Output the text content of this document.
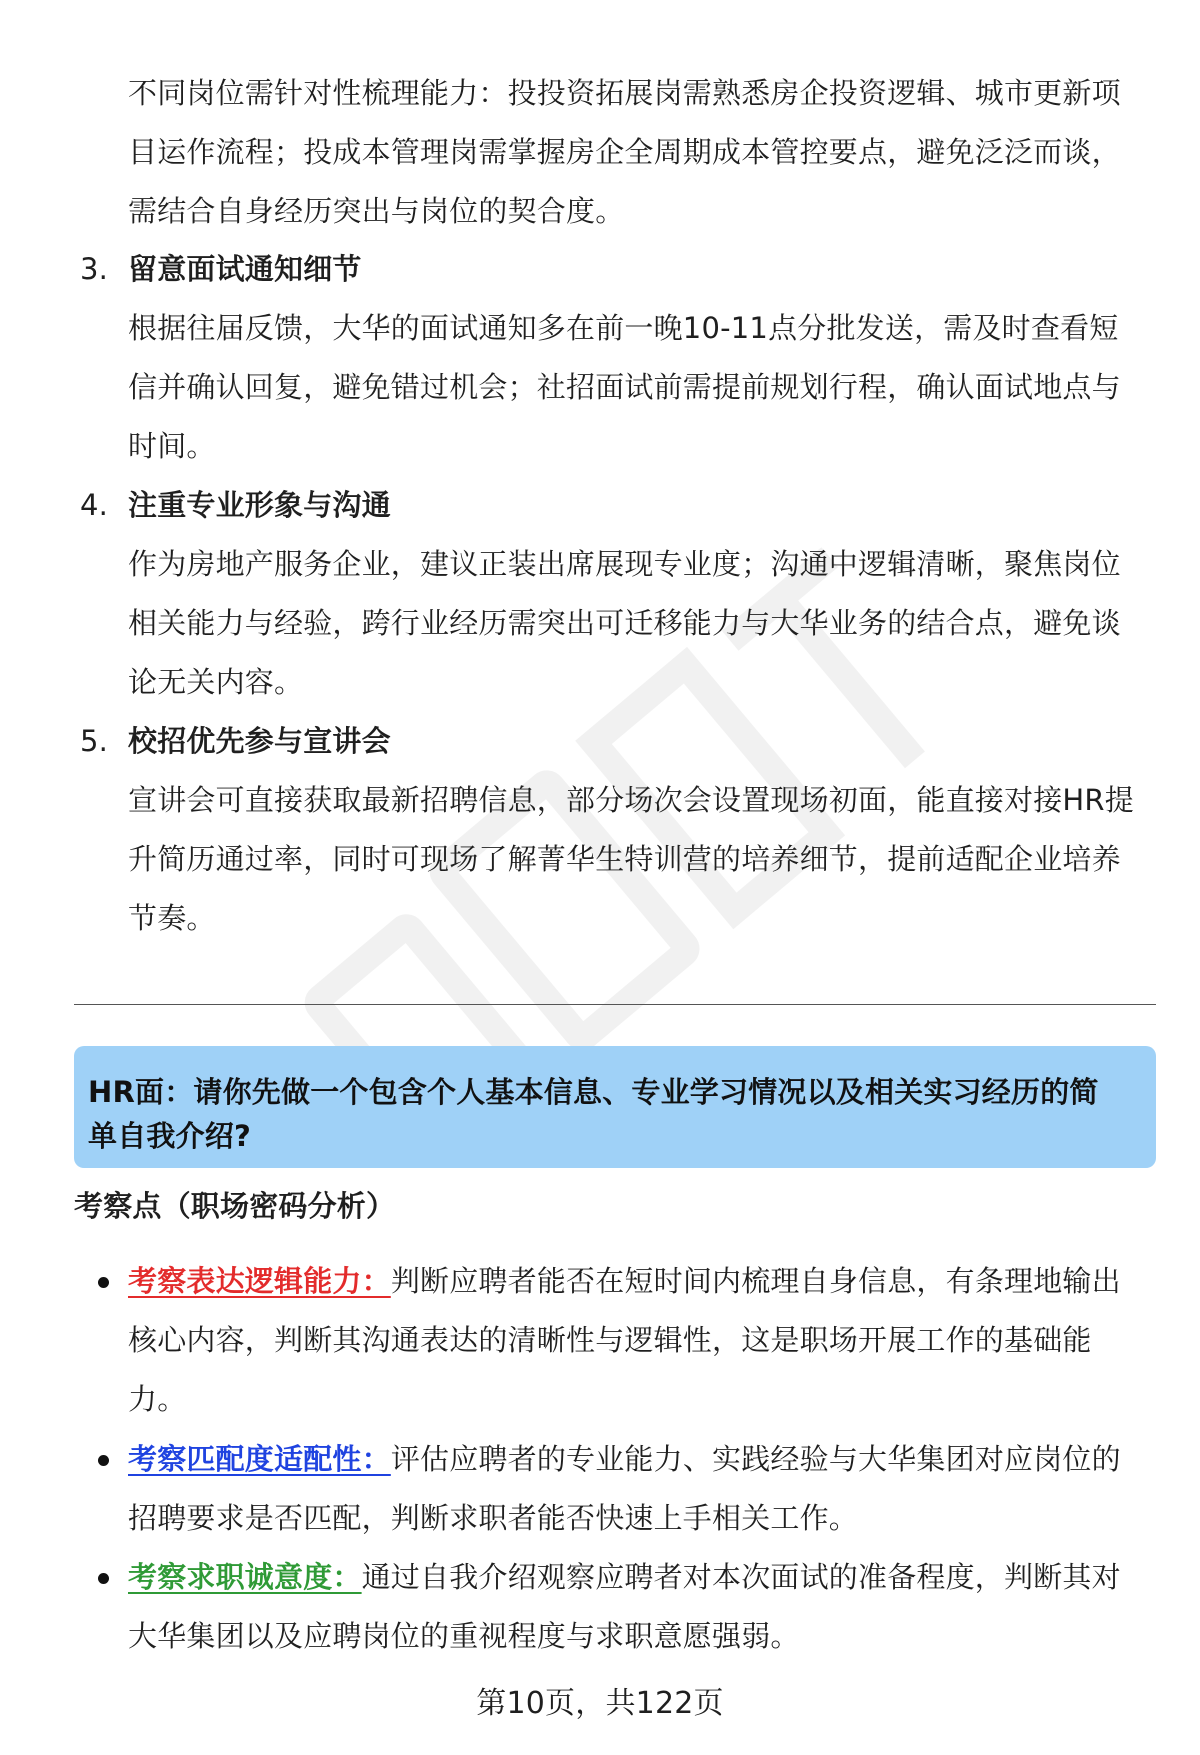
不同岗位需针对性梳理能力：投投资拓展岗需熟悉房企投资逻辑、城市更新项目运作流程；投成本管理岗需掌握房企全周期成本管控要点，避免泛泛而谈，需结合自身经历突出与岗位的契合度。

3. 留意面试通知细节

根据往届反馈，大华的面试通知多在前一晚10-11点分批发送，需及时查看短信并确认回复，避免错过机会；社招面试前需提前规划行程，确认面试地点与时间。

4. 注重专业形象与沟通

作为房地产服务企业，建议正装出席展现专业度；沟通中逻辑清晰，聚焦岗位相关能力与经验，跨行业经历需突出可迁移能力与大华业务的结合点，避免谈论无关内容。

5. 校招优先参与宣讲会

宣讲会可直接获取最新招聘信息，部分场次会设置现场初面，能直接对接HR提升简历通过率，同时可现场了解菁华生特训营的培养细节，提前适配企业培养节奏。

HR面：请你先做一个包含个人基本信息、专业学习情况以及相关实习经历的简单自我介绍?
考察点（职场密码分析）
考察表达逻辑能力：判断应聘者能否在短时间内梳理自身信息，有条理地输出核心内容，判断其沟通表达的清晰性与逻辑性，这是职场开展工作的基础能力。
考察匹配度适配性：评估应聘者的专业能力、实践经验与大华集团对应岗位的招聘要求是否匹配，判断求职者能否快速上手相关工作。
考察求职诚意度：通过自我介绍观察应聘者对本次面试的准备程度，判断其对大华集团以及应聘岗位的重视程度与求职意愿强弱。
第10页，共122页
